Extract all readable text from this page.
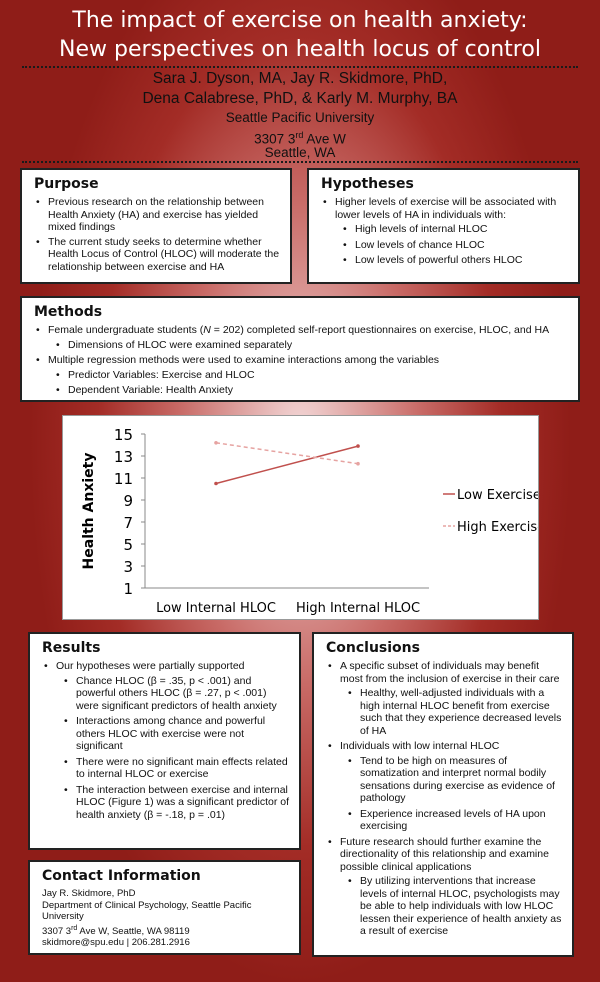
The impact of exercise on health anxiety:
New perspectives on health locus of control
Sara J. Dyson, MA, Jay R. Skidmore, PhD,
Dena Calabrese, PhD, & Karly M. Murphy, BA
Seattle Pacific University
3307 3rd Ave W
Seattle, WA
Purpose
• Previous research on the relationship between Health Anxiety (HA) and exercise has yielded mixed findings
• The current study seeks to determine whether Health Locus of Control (HLOC) will moderate the relationship between exercise and HA
Hypotheses
• Higher levels of exercise will be associated with lower levels of HA in individuals with:
• High levels of internal HLOC
• Low levels of chance HLOC
• Low levels of powerful others HLOC
Methods
• Female undergraduate students (N = 202) completed self-report questionnaires on exercise, HLOC, and HA
• Dimensions of HLOC were examined separately
• Multiple regression methods were used to examine interactions among the variables
• Predictor Variables: Exercise and HLOC
• Dependent Variable: Health Anxiety
1
3
5
7
9
11
13
15
Low Internal HLOC High Internal HLOC
Health Anxiety	Low Exercise
High Exercise
Results
• Our hypotheses were partially supported
• Chance HLOC (β = .35, p < .001) and powerful others HLOC (β = .27, p < .001) were significant predictors of health anxiety
• Interactions among chance and powerful others HLOC with exercise were not significant
• There were no significant main effects related to internal HLOC or exercise
• The interaction between exercise and internal HLOC (Figure 1) was a significant predictor of health anxiety (β = -.18, p = .01)
Contact Information

Jay R. Skidmore, PhD

Department of Clinical Psychology, Seattle Pacific University

3307 3rd Ave W, Seattle, WA 98119

skidmore@spu.edu | 206.281.2916

Conclusions
• A specific subset of individuals may benefit most from the inclusion of exercise in their care
• Healthy, well-adjusted individuals with a high internal HLOC benefit from exercise such that they experience decreased levels of HA
• Individuals with low internal HLOC
• Tend to be high on measures of somatization and interpret normal bodily sensations during exercise as evidence of pathology
• Experience increased levels of HA upon exercising
• Future research should further examine the directionality of this relationship and examine possible clinical applications
• By utilizing interventions that increase levels of internal HLOC, psychologists may be able to help individuals with low HLOC lessen their experience of health anxiety as a result of exercise
